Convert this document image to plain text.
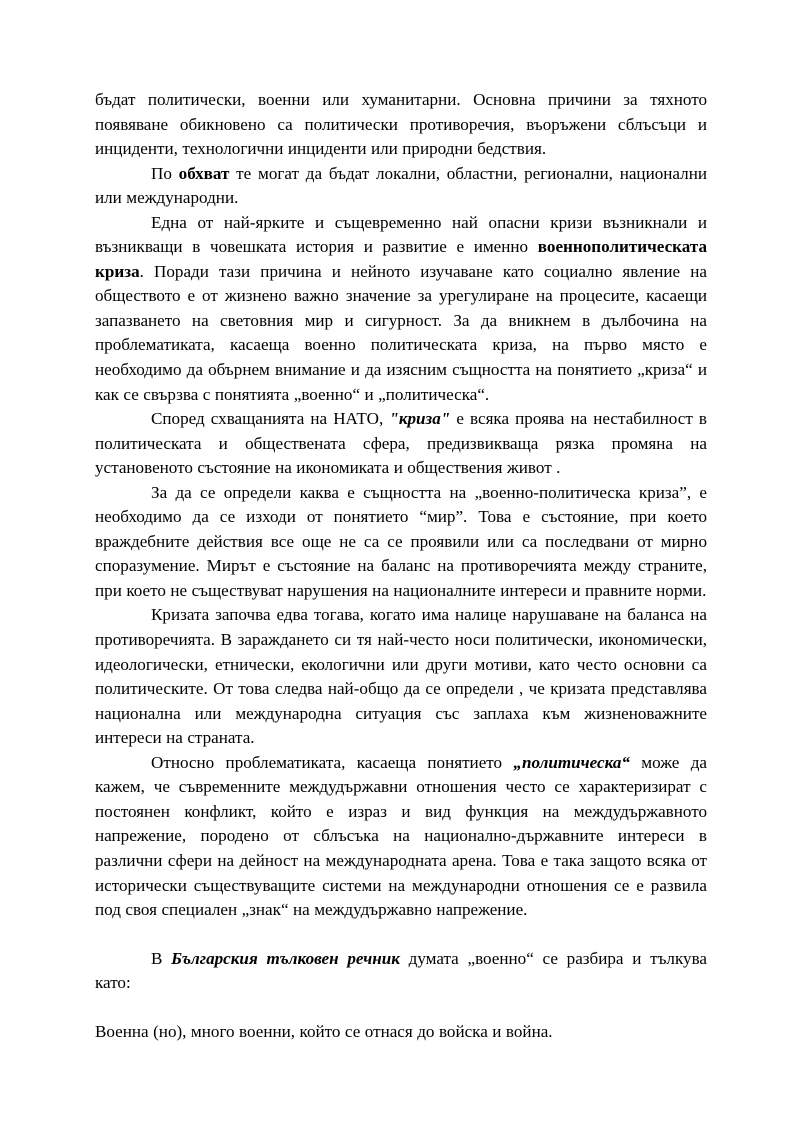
бъдат политически, военни или хуманитарни. Основна причини за тяхното появяване обикновено са политически противоречия, въоръжени сблъсъци и инциденти, технологични инциденти или природни бедствия.

По обхват те могат да бъдат локални, областни, регионални, национални или международни.

Една от най-ярките и същевременно най опасни кризи възникнали и възникващи в човешката история и развитие е именно военнополитическата криза. Поради тази причина и нейното изучаване като социално явление на обществото е от жизнено важно значение за урегулиране на процесите, касаещи запазването на световния мир и сигурност. За да вникнем в дълбочина на проблематиката, касаеща военно политическата криза, на първо място е необходимо да обърнем внимание и да изясним същността на понятието „криза“ и как се свързва с понятията „военно“ и „политическа“.

Според схващанията на НАТО, "криза" е всяка проява на нестабилност в политическата и обществената сфера, предизвикваща рязка промяна на установеното състояние на икономиката и обществения живот .

За да се определи каква е същността на „военно-политическа криза”, е необходимо да се изходи от понятието “мир”. Това е състояние, при което враждебните действия все още не са се проявили или са последвани от мирно споразумение. Мирът е състояние на баланс на противоречията между страните, при което не съществуват нарушения на националните интереси и правните норми.

Кризата започва едва тогава, когато има налице нарушаване на баланса на противоречията. В зараждането си тя най-често носи политически, икономически, идеологически, етнически, екологични или други мотиви, като често основни са политическите. От това следва най-общо да се определи , че кризата представлява национална или международна ситуация със заплаха към жизненоважните интереси на страната.

Относно проблематиката, касаеща понятието „политическа“ може да кажем, че съвременните междудържавни отношения често се характеризират с постоянен конфликт, който е израз и вид функция на междудържавното напрежение, породено от сблъсъка на национално-държавните интереси в различни сфери на дейност на международната арена. Това е така защото всяка от исторически съществуващите системи на международни отношения се е развила под своя специален „знак“ на междудържавно напрежение.

В Българския тълковен речник думата „военно“ се разбира и тълкува като:

Военна (но), много военни, който се отнася до войска и война.
